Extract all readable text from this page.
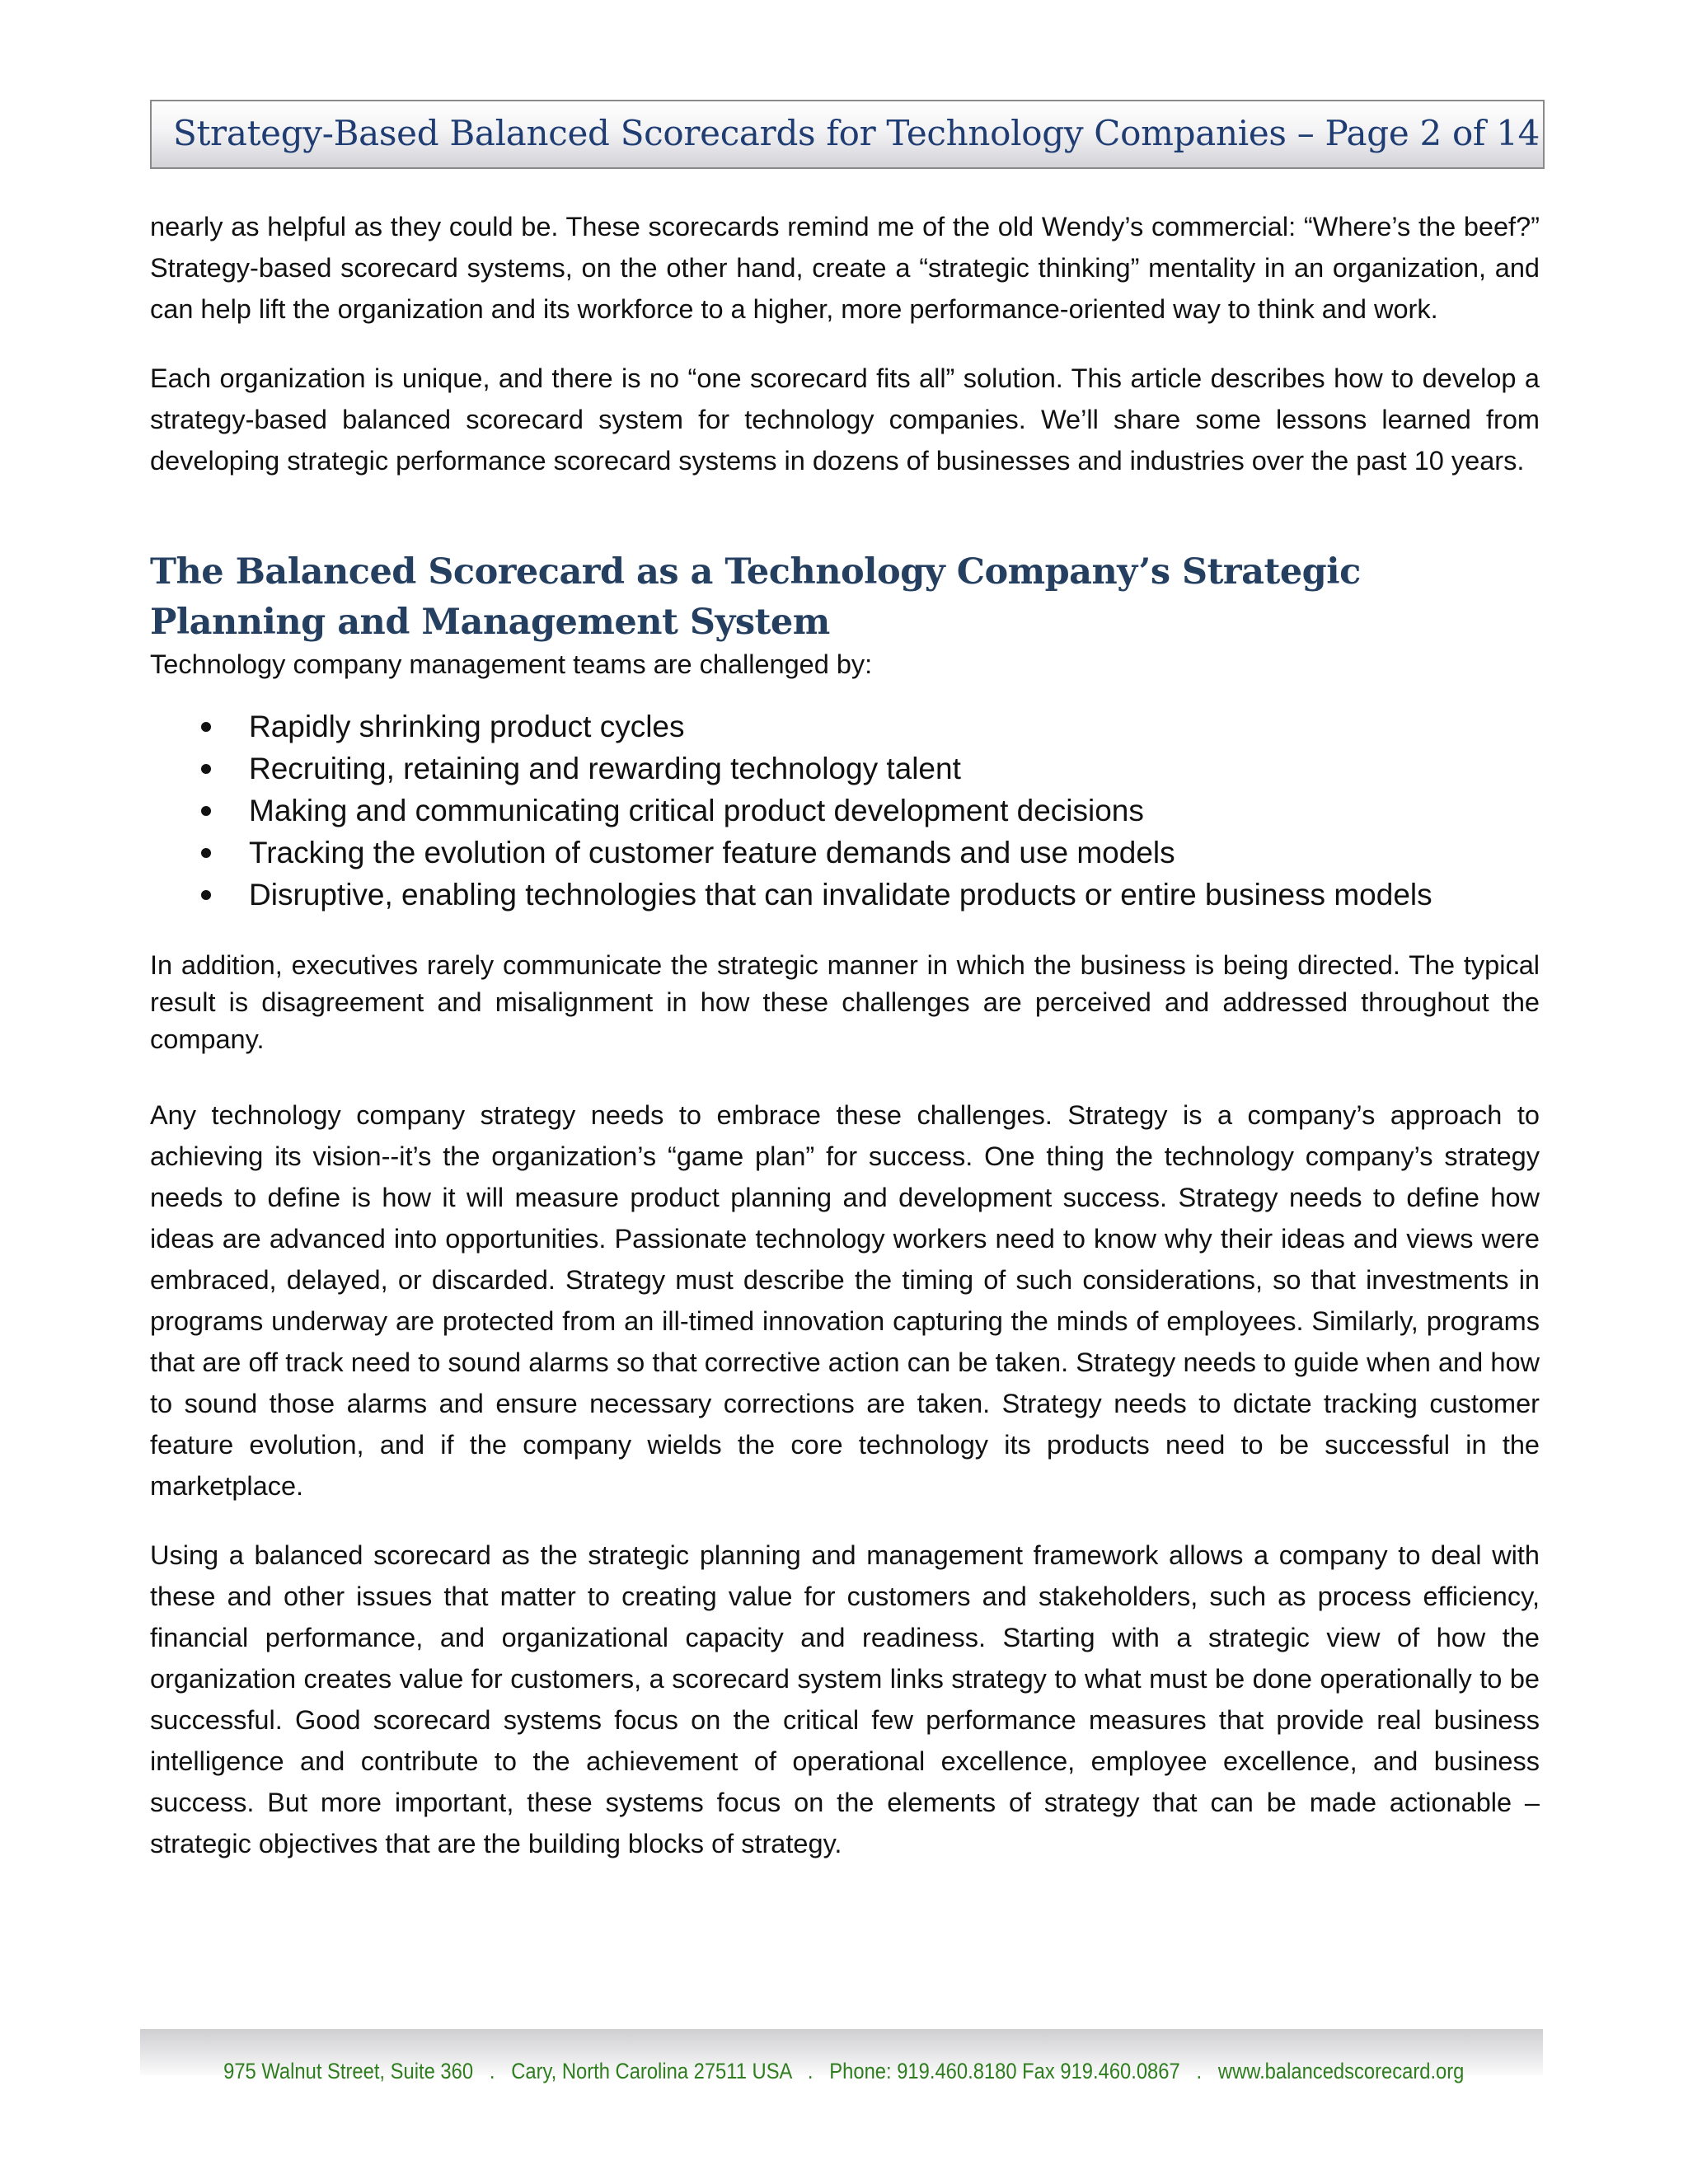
Strategy-Based Balanced Scorecards for Technology Companies – Page 2 of 14

nearly as helpful as they could be. These scorecards remind me of the old Wendy’s commercial: “Where’s the beef?” Strategy-based scorecard systems, on the other hand, create a “strategic thinking” mentality in an organization, and can help lift the organization and its workforce to a higher, more performance-oriented way to think and work.

Each organization is unique, and there is no “one scorecard fits all” solution. This article describes how to develop a strategy-based balanced scorecard system for technology companies. We’ll share some lessons learned from developing strategic performance scorecard systems in dozens of businesses and industries over the past 10 years.

The Balanced Scorecard as a Technology Company’s Strategic Planning and Management System

Technology company management teams are challenged by:

Rapidly shrinking product cycles
Recruiting, retaining and rewarding technology talent
Making and communicating critical product development decisions
Tracking the evolution of customer feature demands and use models
Disruptive, enabling technologies that can invalidate products or entire business models

In addition, executives rarely communicate the strategic manner in which the business is being directed. The typical result is disagreement and misalignment in how these challenges are perceived and addressed throughout the company.

Any technology company strategy needs to embrace these challenges. Strategy is a company’s approach to achieving its vision--it’s the organization’s “game plan” for success. One thing the technology company’s strategy needs to define is how it will measure product planning and development success. Strategy needs to define how ideas are advanced into opportunities. Passionate technology workers need to know why their ideas and views were embraced, delayed, or discarded. Strategy must describe the timing of such considerations, so that investments in programs underway are protected from an ill-timed innovation capturing the minds of employees. Similarly, programs that are off track need to sound alarms so that corrective action can be taken. Strategy needs to guide when and how to sound those alarms and ensure necessary corrections are taken. Strategy needs to dictate tracking customer feature evolution, and if the company wields the core technology its products need to be successful in the marketplace.

Using a balanced scorecard as the strategic planning and management framework allows a company to deal with these and other issues that matter to creating value for customers and stakeholders, such as process efficiency, financial performance, and organizational capacity and readiness. Starting with a strategic view of how the organization creates value for customers, a scorecard system links strategy to what must be done operationally to be successful. Good scorecard systems focus on the critical few performance measures that provide real business intelligence and contribute to the achievement of operational excellence, employee excellence, and business success. But more important, these systems focus on the elements of strategy that can be made actionable – strategic objectives that are the building blocks of strategy.

975 Walnut Street, Suite 360   .   Cary, North Carolina 27511 USA   .   Phone: 919.460.8180 Fax 919.460.0867   .   www.balancedscorecard.org
